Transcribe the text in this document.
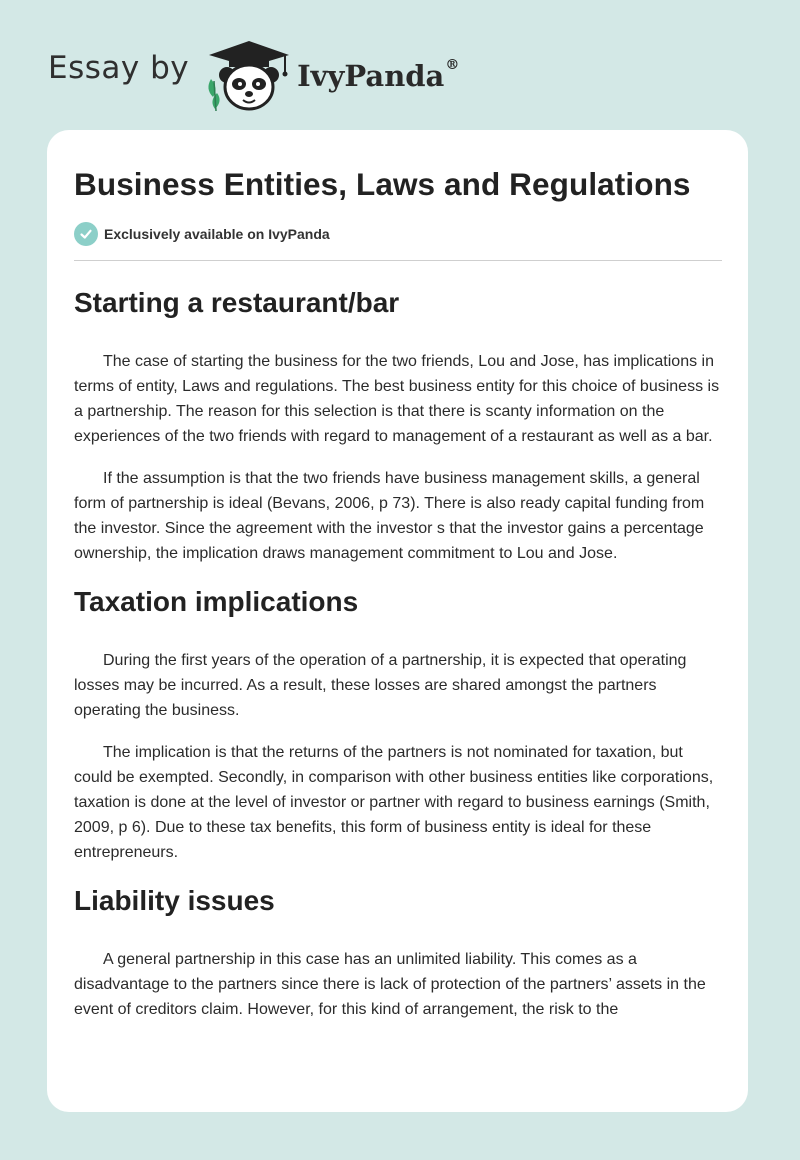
Essay by	IvyPanda®
Business Entities, Laws and Regulations
Exclusively available on IvyPanda
Starting a restaurant/bar

The case of starting the business for the two friends, Lou and Jose, has implications in terms of entity, Laws and regulations. The best business entity for this choice of business is a partnership. The reason for this selection is that there is scanty information on the experiences of the two friends with regard to management of a restaurant as well as a bar.

If the assumption is that the two friends have business management skills, a general form of partnership is ideal (Bevans, 2006, p 73). There is also ready capital funding from the investor. Since the agreement with the investor s that the investor gains a percentage ownership, the implication draws management commitment to Lou and Jose.

Taxation implications

During the first years of the operation of a partnership, it is expected that operating losses may be incurred. As a result, these losses are shared amongst the partners operating the business.

The implication is that the returns of the partners is not nominated for taxation, but could be exempted. Secondly, in comparison with other business entities like corporations, taxation is done at the level of investor or partner with regard to business earnings (Smith, 2009, p 6). Due to these tax benefits, this form of business entity is ideal for these entrepreneurs.

Liability issues

A general partnership in this case has an unlimited liability. This comes as a disadvantage to the partners since there is lack of protection of the partners’ assets in the event of creditors claim. However, for this kind of arrangement, the risk to the
